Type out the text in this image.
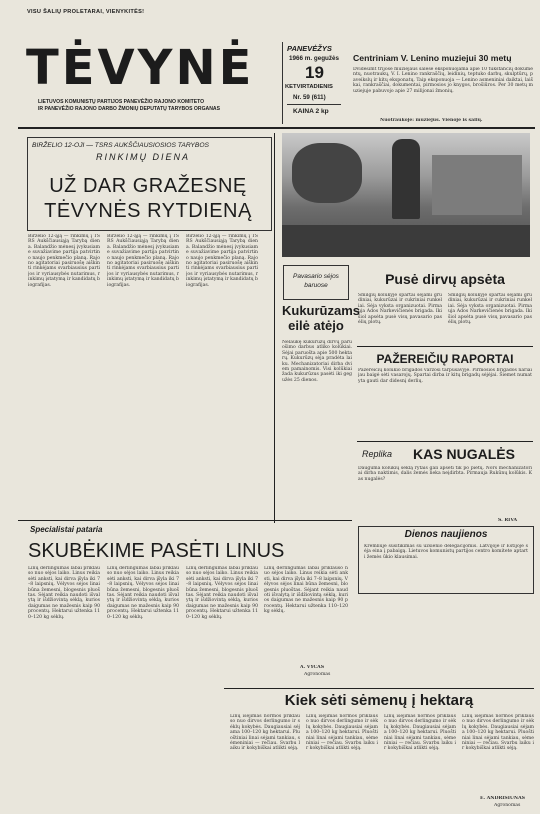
VISU ŠALIŲ PROLETARAI, VIENYKITĖS!
TĖVYNĖ
LIETUVOS KOMUNISTŲ PARTIJOS PANEVĖŽIO RAJONO KOMITETO
IR PANEVĖŽIO RAJONO DARBO ŽMONIŲ DEPUTATŲ TARYBOS ORGANAS
PANEVĖŽYS
1966 m. gegužės
19
KETVIRTADIENIS
Nr. 59 (611)
KAINA 2 kp
Centriniam V. Lenino muziejui 30 metų
Dvidešimt trijose muziejaus salėse eksponuojama apie 10 tūkstančių dokumentų, nuotraukų, V. I. Lenino rankraščių, leidinių, teptuko darbų, skulptūrų, paveikslų ir kitų eksponatų. Taip eksponuoja — Lenino asmeniniai daiktai, laiškai, rankraščiai, dokumentai, pirmosios jo knygos, brošiūros. Per 30 metų muziejuje pabuvojo apie 27 milijonai žmonių.
Nuotraukoje: muziejus. Vienoje iš salių.
BIRŽELIO 12-OJI — TSRS AUKŠČIAUSIOSIOS TARYBOS
RINKIMŲ DIENA
UŽ DAR GRAŽESNĘ
TĖVYNĖS RYTDIENĄ
Birželio 12-ąją — rinkimų į TSRS Aukščiausiąją Tarybą diena. Balandžio mėnesį įvykusiame suvažiavime partija patvirtino naujo penkmečio planą. Rajono agitatoriai pasiruošę aiškinti rinkėjams svarbiausius partijos ir vyriausybės nutarimus, rinkimų įstatymą ir kandidatų biografijas.
Birželio 12-ąją — rinkimų į TSRS Aukščiausiąją Tarybą diena. Balandžio mėnesį įvykusiame suvažiavime partija patvirtino naujo penkmečio planą. Rajono agitatoriai pasiruošę aiškinti rinkėjams svarbiausius partijos ir vyriausybės nutarimus, rinkimų įstatymą ir kandidatų biografijas.
Birželio 12-ąją — rinkimų į TSRS Aukščiausiąją Tarybą diena. Balandžio mėnesį įvykusiame suvažiavime partija patvirtino naujo penkmečio planą. Rajono agitatoriai pasiruošę aiškinti rinkėjams svarbiausius partijos ir vyriausybės nutarimus, rinkimų įstatymą ir kandidatų biografijas.
Pavasario sėjos baruose
Kukurūzams eilė atėjo
Nelaukę kukurūzų dirvų paruošimo darbus atliko kolūkiai. Sėjai paruošta apie 500 hektarų. Kukurūzų sėja pradėta laiku. Mechanizatoriai dirba dviem pamainomis. Visi kolūkiai žada kukurūzus pasėti iki gegužės 25 dienos.
Pusė dirvų apsėta
Smilgių kolūkyje spartai sėjami grūdiniai, kukurūzai ir cukriniai runkeliai. Sėja vyksta organizuotai. Pirmauja Ados Narkevičienės brigada. Iki šiol apsėta pusė visų pavasario pasėlių plotų.
Smilgių kolūkyje spartai sėjami grūdiniai, kukurūzai ir cukriniai runkeliai. Sėja vyksta organizuotai. Pirmauja Ados Narkevičienės brigada. Iki šiol apsėta pusė visų pavasario pasėlių plotų.
PAŽEREIČIŲ RAPORTAI
Pažereičių kolūkio brigados varžosi tarpusavyje. Pirmosios brigados nariai jau baigė sėti vasarojų. Spartai dirba ir kitų brigadų sėjėjai. Šiemet numatyta gauti dar didesnį derlių.
Replika	KAS NUGALĖS
Dauguma kolūkių sėklą rytais gali apsėti tik po pietų. Nors mechanizatoriai dirba naktimis, dalis žemės lieka neįdirbta. Pirmauja Rukūnų kolūkis. Kas nugalės?
S. RIVA
Dienos naujienos
Kremliuje susitikimas su užsienio delegacijomis. Latvijoje ir Estijoje sėja eina į pabaigą. Lietuvos komunistų partijos centro komitete aptarti žemės ūkio klausimai.
Specialistai pataria
SKUBĖKIME PASĖTI LINUS
Linų derlingumas labai priklauso nuo sėjos laiko. Linus reikia sėti anksti, kai dirva įšyla iki 7–8 laipsnių. Vėlyvos sėjos linai būna žemesni, blogesnis pluoštas. Sėjant reikia naudoti išvalytą ir išdžiovintą sėklą, kurios daigumas ne mažesnis kaip 90 procentų. Hektarui užtenka 110–120 kg sėklų.
Linų derlingumas labai priklauso nuo sėjos laiko. Linus reikia sėti anksti, kai dirva įšyla iki 7–8 laipsnių. Vėlyvos sėjos linai būna žemesni, blogesnis pluoštas. Sėjant reikia naudoti išvalytą ir išdžiovintą sėklą, kurios daigumas ne mažesnis kaip 90 procentų. Hektarui užtenka 110–120 kg sėklų.
Linų derlingumas labai priklauso nuo sėjos laiko. Linus reikia sėti anksti, kai dirva įšyla iki 7–8 laipsnių. Vėlyvos sėjos linai būna žemesni, blogesnis pluoštas. Sėjant reikia naudoti išvalytą ir išdžiovintą sėklą, kurios daigumas ne mažesnis kaip 90 procentų. Hektarui užtenka 110–120 kg sėklų.
Linų derlingumas labai priklauso nuo sėjos laiko. Linus reikia sėti anksti, kai dirva įšyla iki 7–8 laipsnių. Vėlyvos sėjos linai būna žemesni, blogesnis pluoštas. Sėjant reikia naudoti išvalytą ir išdžiovintą sėklą, kurios daigumas ne mažesnis kaip 90 procentų. Hektarui užtenka 110–120 kg sėklų.
A. VYČAS
Agronomas
Kiek sėti sėmenų į hektarą
Linų išėjimas normos priklauso nuo dirvos derlingumo ir sėklų kokybės. Daugiausiai sėjama 100–120 kg hektarui. Pluoštiniai linai sėjami tankiau, sėmeniniai — rečiau. Svarbu laiku ir kokybiškai atlikti sėją.
Linų išėjimas normos priklauso nuo dirvos derlingumo ir sėklų kokybės. Daugiausiai sėjama 100–120 kg hektarui. Pluoštiniai linai sėjami tankiau, sėmeniniai — rečiau. Svarbu laiku ir kokybiškai atlikti sėją.
Linų išėjimas normos priklauso nuo dirvos derlingumo ir sėklų kokybės. Daugiausiai sėjama 100–120 kg hektarui. Pluoštiniai linai sėjami tankiau, sėmeniniai — rečiau. Svarbu laiku ir kokybiškai atlikti sėją.
Linų išėjimas normos priklauso nuo dirvos derlingumo ir sėklų kokybės. Daugiausiai sėjama 100–120 kg hektarui. Pluoštiniai linai sėjami tankiau, sėmeniniai — rečiau. Svarbu laiku ir kokybiškai atlikti sėją.
E. ANDRIŠIŪNAS
Agronomas
